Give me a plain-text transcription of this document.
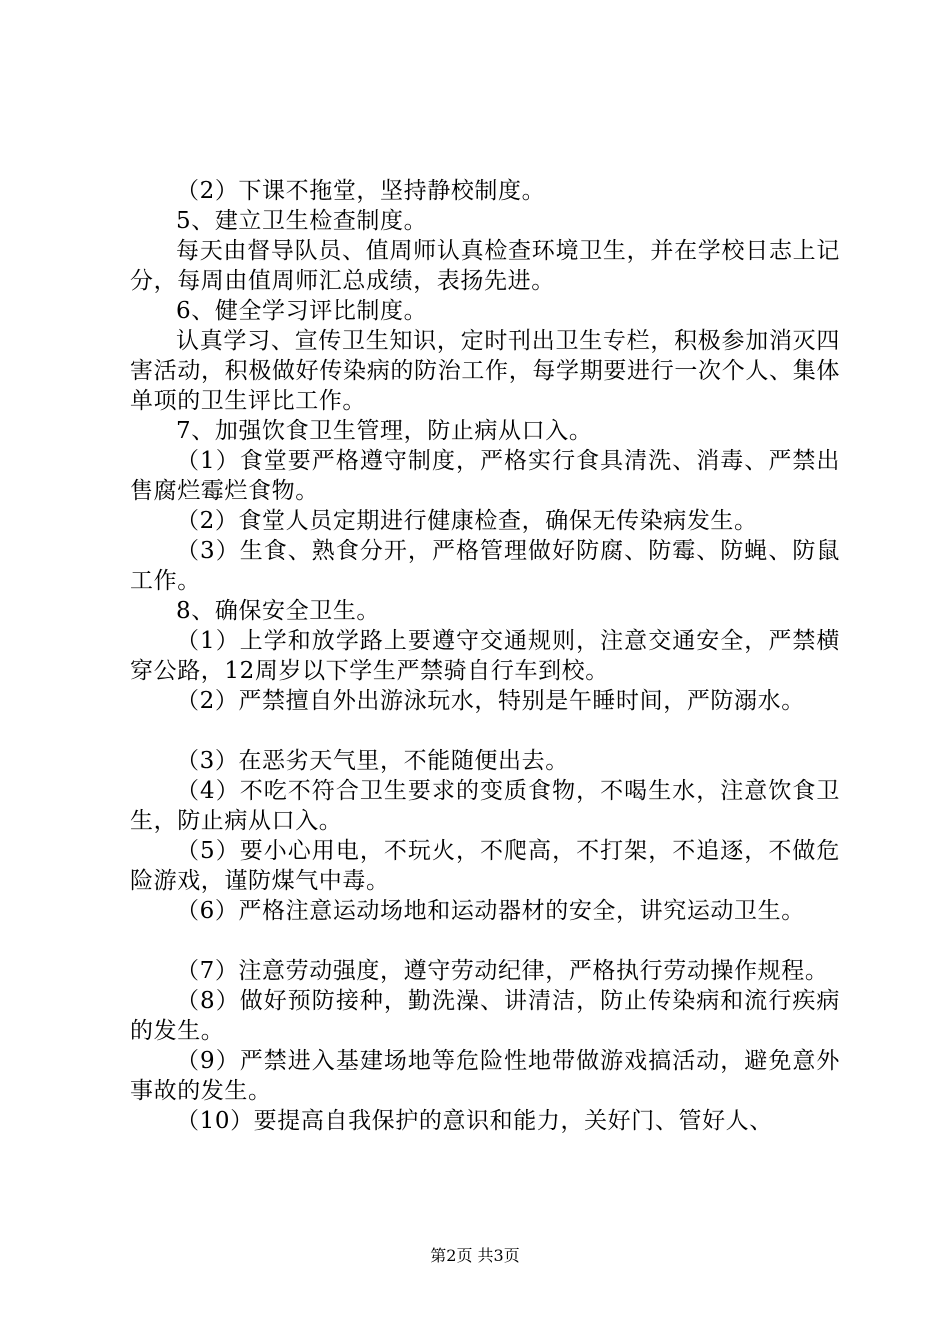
（2）下课不拖堂，坚持静校制度。

5、建立卫生检查制度。

每天由督导队员、值周师认真检查环境卫生，并在学校日志上记分，每周由值周师汇总成绩，表扬先进。

6、健全学习评比制度。

认真学习、宣传卫生知识，定时刊出卫生专栏，积极参加消灭四害活动，积极做好传染病的防治工作，每学期要进行一次个人、集体单项的卫生评比工作。

7、加强饮食卫生管理，防止病从口入。

（1）食堂要严格遵守制度，严格实行食具清洗、消毒、严禁出售腐烂霉烂食物。

（2）食堂人员定期进行健康检查，确保无传染病发生。

（3）生食、熟食分开，严格管理做好防腐、防霉、防蝇、防鼠工作。

8、确保安全卫生。

（1）上学和放学路上要遵守交通规则，注意交通安全，严禁横穿公路，12周岁以下学生严禁骑自行车到校。

（2）严禁擅自外出游泳玩水，特别是午睡时间，严防溺水。

（3）在恶劣天气里，不能随便出去。

（4）不吃不符合卫生要求的变质食物，不喝生水，注意饮食卫生，防止病从口入。

（5）要小心用电，不玩火，不爬高，不打架，不追逐，不做危险游戏，谨防煤气中毒。

（6）严格注意运动场地和运动器材的安全，讲究运动卫生。

（7）注意劳动强度，遵守劳动纪律，严格执行劳动操作规程。

（8）做好预防接种，勤洗澡、讲清洁，防止传染病和流行疾病的发生。

（9）严禁进入基建场地等危险性地带做游戏搞活动，避免意外事故的发生。

（10）要提高自我保护的意识和能力，关好门、管好人、

第2页 共3页
